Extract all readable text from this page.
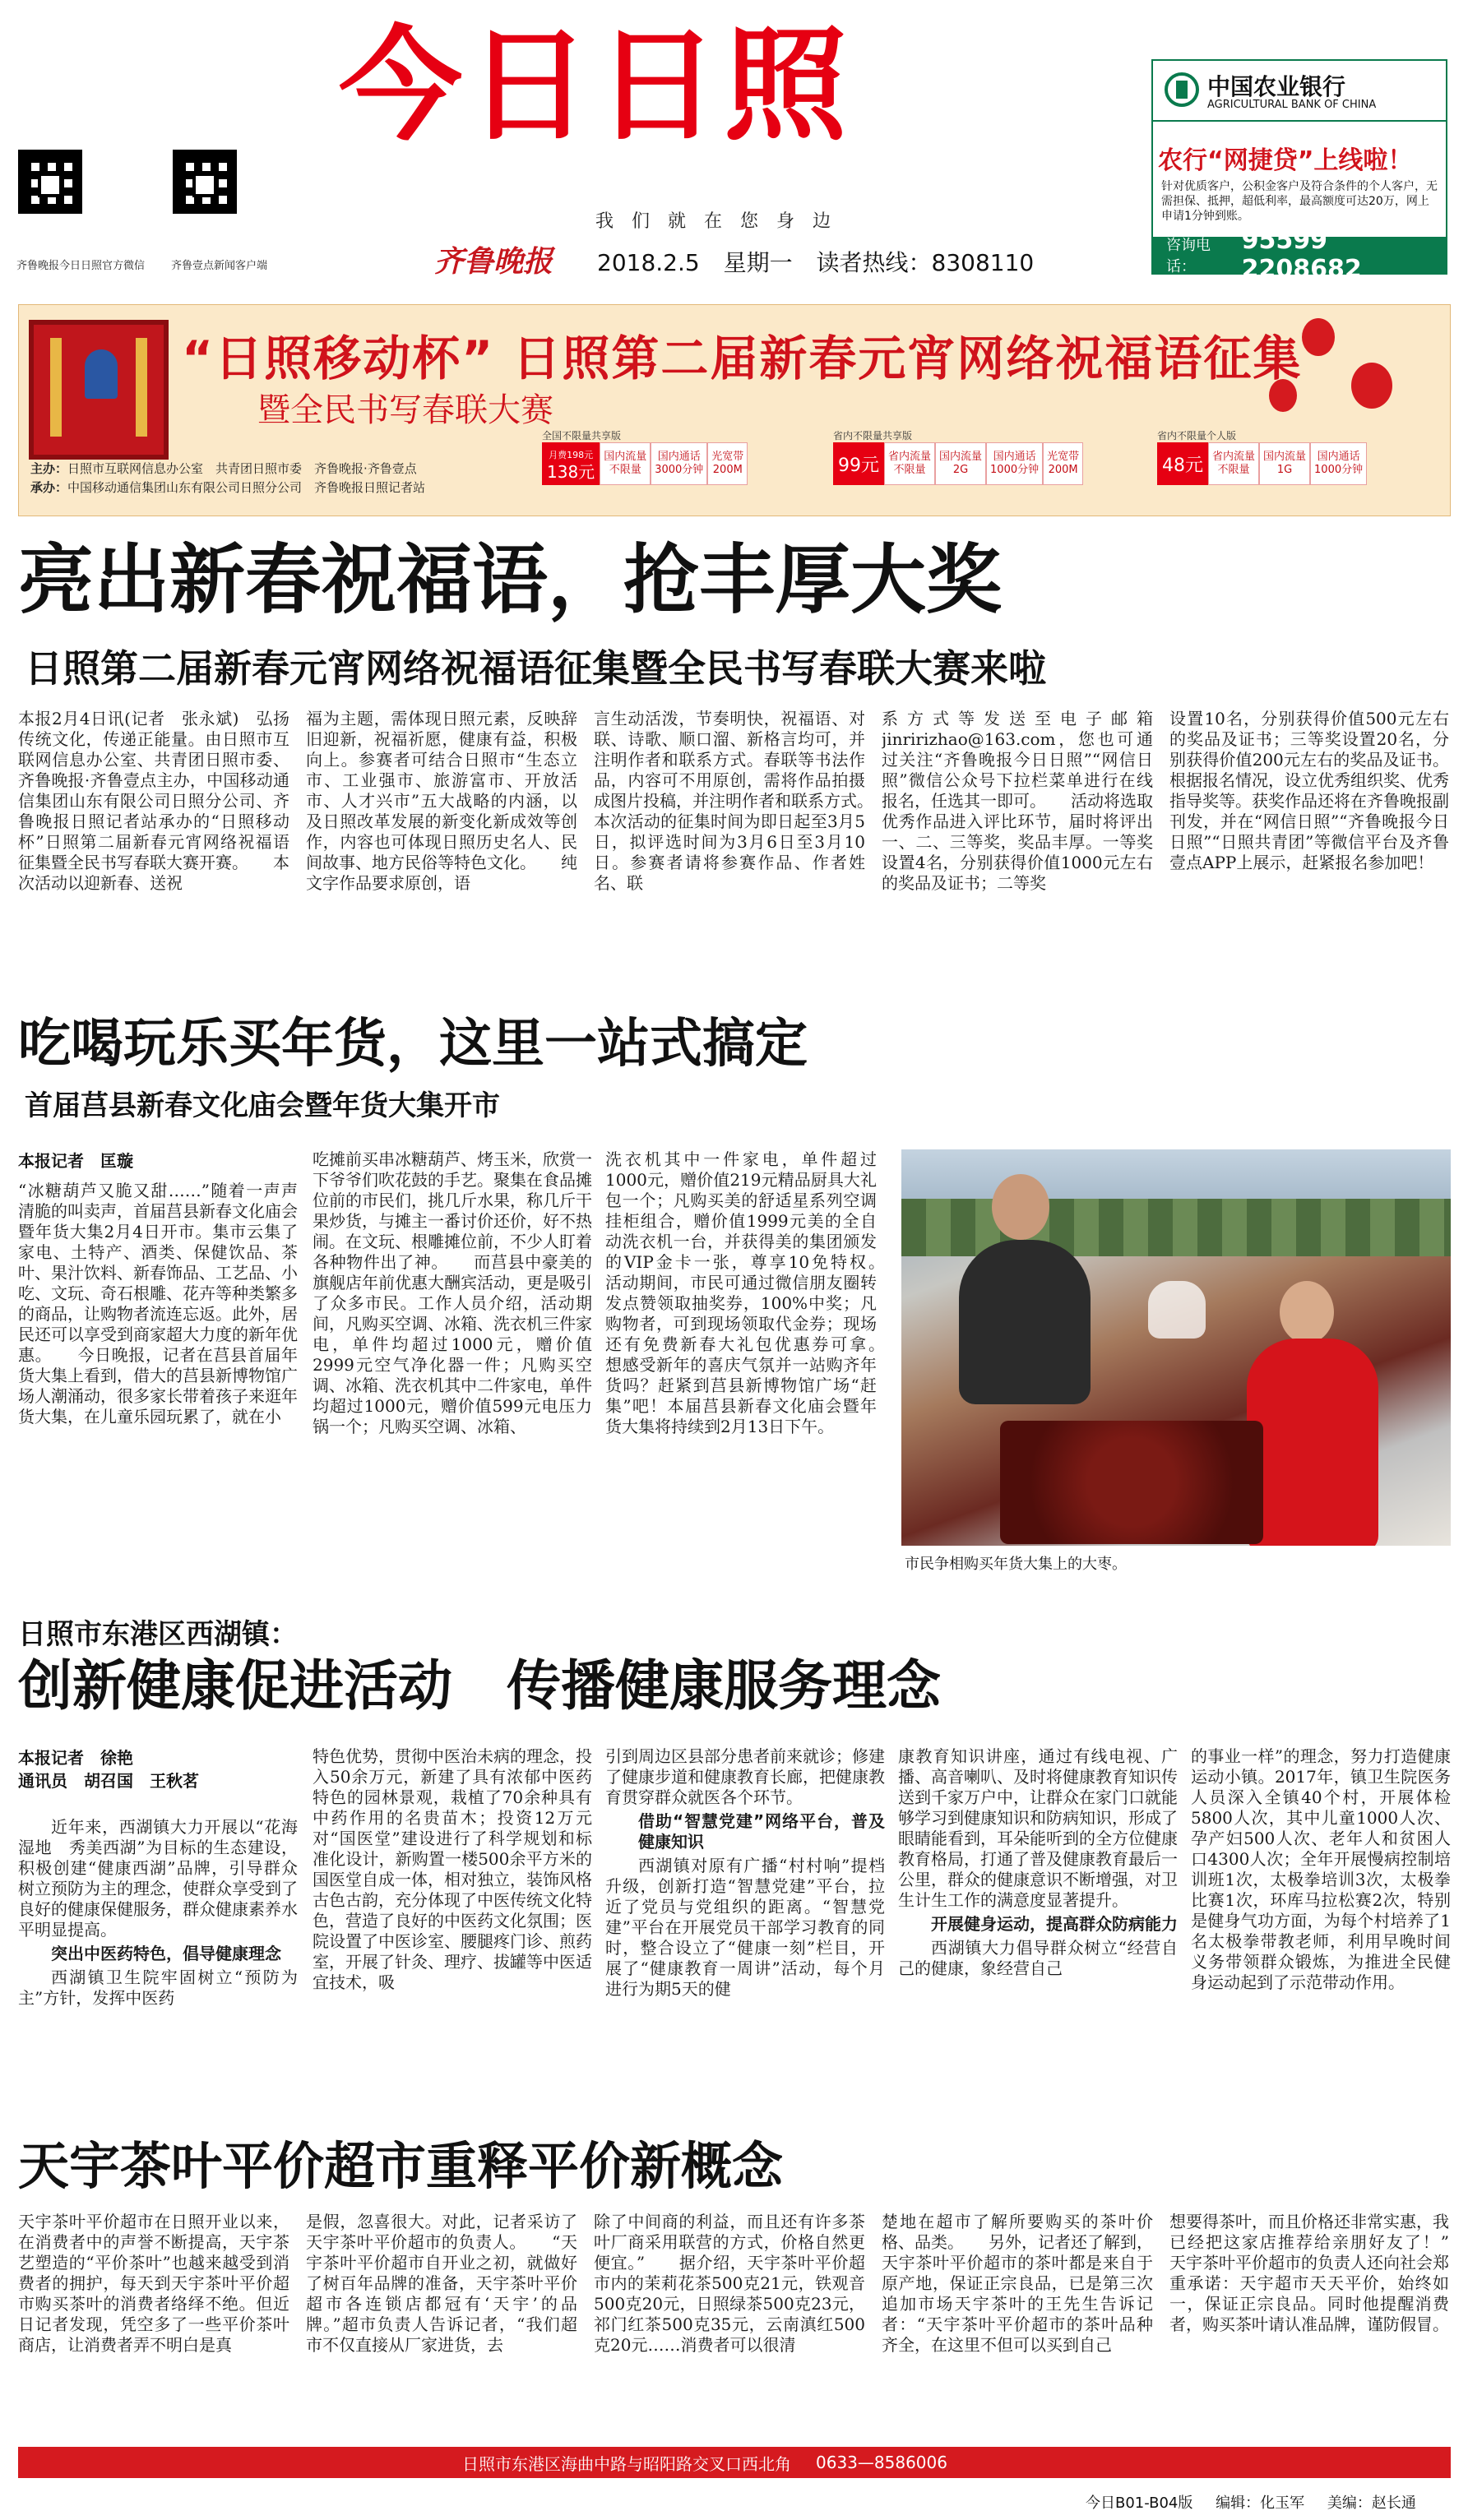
齐鲁晚报今日日照官方微信 齐鲁壹点新闻客户端
今日日照
我们就在您身边
齐鲁晚报 2018.2.5 星期一 读者热线：8308110
中国农业银行
AGRICULTURAL BANK OF CHINA
农行“网捷贷”上线啦！
针对优质客户，公积金客户及符合条件的个人客户，无需担保、抵押，超低利率，最高额度可达20万，网上申请1分钟到账。
咨询电话：
95599 2208682
“日照移动杯” 日照第二届新春元宵网络祝福语征集
暨全民书写春联大赛
主办：日照市互联网信息办公室　共青团日照市委　齐鲁晚报·齐鲁壹点
承办：中国移动通信集团山东有限公司日照分公司　齐鲁晚报日照记者站
全国不限量共享版
月费198元
138元
国内流量
不限量
国内通话
3000分钟
光宽带
200M
省内不限量共享版
99元 省内流量
不限量
国内流量
2G
国内通话
1000分钟
光宽带
200M
省内不限量个人版
48元 省内流量
不限量
国内流量
1G
国内通话
1000分钟
亮出新春祝福语，抢丰厚大奖
日照第二届新春元宵网络祝福语征集暨全民书写春联大赛来啦
本报2月4日讯(记者　张永斌)　弘扬传统文化，传递正能量。由日照市互联网信息办公室、共青团日照市委、齐鲁晚报·齐鲁壹点主办，中国移动通信集团山东有限公司日照分公司、齐鲁晚报日照记者站承办的“日照移动杯”日照第二届新春元宵网络祝福语征集暨全民书写春联大赛开赛。　　本次活动以迎新春、送祝
福为主题，需体现日照元素，反映辞旧迎新，祝福祈愿，健康有益，积极向上。参赛者可结合日照市“生态立市、工业强市、旅游富市、开放活市、人才兴市”五大战略的内涵，以及日照改革发展的新变化新成效等创作，内容也可体现日照历史名人、民间故事、地方民俗等特色文化。　　纯文字作品要求原创，语
言生动活泼，节奏明快，祝福语、对联、诗歌、顺口溜、新格言均可，并注明作者和联系方式。春联等书法作品，内容可不用原创，需将作品拍摄成图片投稿，并注明作者和联系方式。　　本次活动的征集时间为即日起至3月5日，拟评选时间为3月6日至3月10日。参赛者请将参赛作品、作者姓名、联
系方式等发送至电子邮箱jinririzhao@163.com，您也可通过关注“齐鲁晚报今日日照”“网信日照”微信公众号下拉栏菜单进行在线报名，任选其一即可。　　活动将选取优秀作品进入评比环节，届时将评出一、二、三等奖，奖品丰厚。一等奖设置4名，分别获得价值1000元左右的奖品及证书；二等奖
设置10名，分别获得价值500元左右的奖品及证书；三等奖设置20名，分别获得价值200元左右的奖品及证书。根据报名情况，设立优秀组织奖、优秀指导奖等。获奖作品还将在齐鲁晚报副刊发，并在“网信日照”“齐鲁晚报今日日照”“日照共青团”等微信平台及齐鲁壹点APP上展示，赶紧报名参加吧！
吃喝玩乐买年货，这里一站式搞定
首届莒县新春文化庙会暨年货大集开市
本报记者　匡璇
“冰糖葫芦又脆又甜……”随着一声声清脆的叫卖声，首届莒县新春文化庙会暨年货大集2月4日开市。集市云集了家电、土特产、酒类、保健饮品、茶叶、果汁饮料、新春饰品、工艺品、小吃、文玩、奇石根雕、花卉等种类繁多的商品，让购物者流连忘返。此外，居民还可以享受到商家超大力度的新年优惠。　　今日晚报，记者在莒县首届年货大集上看到，借大的莒县新博物馆广场人潮涌动，很多家长带着孩子来逛年货大集，在儿童乐园玩累了，就在小
吃摊前买串冰糖葫芦、烤玉米，欣赏一下爷爷们吹花鼓的手艺。聚集在食品摊位前的市民们，挑几斤水果，称几斤干果炒货，与摊主一番讨价还价，好不热闹。在文玩、根雕摊位前，不少人盯着各种物件出了神。　　而莒县中豪美的旗舰店年前优惠大酬宾活动，更是吸引了众多市民。工作人员介绍，活动期间，凡购买空调、冰箱、洗衣机三件家电，单件均超过1000元，赠价值2999元空气净化器一件；凡购买空调、冰箱、洗衣机其中二件家电，单件均超过1000元，赠价值599元电压力锅一个；凡购买空调、冰箱、
洗衣机其中一件家电，单件超过1000元，赠价值219元精品厨具大礼包一个；凡购买美的舒适星系列空调挂柜组合，赠价值1999元美的全自动洗衣机一台，并获得美的集团颁发的VIP金卡一张，尊享10免特权。　　活动期间，市民可通过微信朋友圈转发点赞领取抽奖券，100%中奖；凡购物者，可到现场领取代金券；现场还有免费新春大礼包优惠券可拿。　　想感受新年的喜庆气氛并一站购齐年货吗？赶紧到莒县新博物馆广场“赶集”吧！本届莒县新春文化庙会暨年货大集将持续到2月13日下午。
市民争相购买年货大集上的大枣。
日照市东港区西湖镇：
创新健康促进活动　传播健康服务理念
本报记者　徐艳
通讯员　胡召国　王秋茗

近年来，西湖镇大力开展以“花海湿地　秀美西湖”为目标的生态建设，积极创建“健康西湖”品牌，引导群众树立预防为主的理念，使群众享受到了良好的健康保健服务，群众健康素养水平明显提高。

突出中医药特色，倡导健康理念

西湖镇卫生院牢固树立“预防为主”方针，发挥中医药

特色优势，贯彻中医治未病的理念，投入50余万元，新建了具有浓郁中医药特色的园林景观，栽植了70余种具有中药作用的名贵苗木；投资12万元对“国医堂”建设进行了科学规划和标准化设计，新购置一楼500余平方米的国医堂自成一体，相对独立，装饰风格古色古韵，充分体现了中医传统文化特色，营造了良好的中医药文化氛围；医院设置了中医诊室、腰腿疼门诊、煎药室，开展了针灸、理疗、拔罐等中医适宜技术，吸

引到周边区县部分患者前来就诊；修建了健康步道和健康教育长廊，把健康教育贯穿群众就医各个环节。

借助“智慧党建”网络平台，普及健康知识

西湖镇对原有广播“村村响”提档升级，创新打造“智慧党建”平台，拉近了党员与党组织的距离。“智慧党建”平台在开展党员干部学习教育的同时，整合设立了“健康一刻”栏目，开展了“健康教育一周讲”活动，每个月进行为期5天的健

康教育知识讲座，通过有线电视、广播、高音喇叭、及时将健康教育知识传送到千家万户中，让群众在家门口就能够学习到健康知识和防病知识，形成了眼睛能看到，耳朵能听到的全方位健康教育格局，打通了普及健康教育最后一公里，群众的健康意识不断增强，对卫生计生工作的满意度显著提升。

开展健身运动，提高群众防病能力

西湖镇大力倡导群众树立“经营自己的健康，象经营自己

的事业一样”的理念，努力打造健康运动小镇。2017年，镇卫生院医务人员深入全镇40个村，开展体检5800人次，其中儿童1000人次、孕产妇500人次、老年人和贫困人口4300人次；全年开展慢病控制培训班1次，太极拳培训3次，太极拳比赛1次，环库马拉松赛2次，特别是健身气功方面，为每个村培养了1名太极拳带教老师，利用早晚时间义务带领群众锻炼，为推进全民健身运动起到了示范带动作用。
天宇茶叶平价超市重释平价新概念
天宇茶叶平价超市在日照开业以来，在消费者中的声誉不断提高，天宇茶艺塑造的“平价茶叶”也越来越受到消费者的拥护，每天到天宇茶叶平价超市购买茶叶的消费者络绎不绝。但近日记者发现，凭空多了一些平价茶叶商店，让消费者弄不明白是真
是假，忽喜很大。对此，记者采访了天宇茶叶平价超市的负责人。　　“天宇茶叶平价超市自开业之初，就做好了树百年品牌的准备，天宇茶叶平价超市各连锁店都冠有‘天宇’的品牌。”超市负责人告诉记者，“我们超市不仅直接从厂家进货，去
除了中间商的利益，而且还有许多茶叶厂商采用联营的方式，价格自然更便宜。”　　据介绍，天宇茶叶平价超市内的茉莉花茶500克21元，铁观音500克20元，日照绿茶500克23元，祁门红茶500克35元，云南滇红500克20元……消费者可以很清
楚地在超市了解所要购买的茶叶价格、品类。　　另外，记者还了解到，天宇茶叶平价超市的茶叶都是来自于原产地，保证正宗良品，已是第三次追加市场天宇茶叶的王先生告诉记者：“天宇茶叶平价超市的茶叶品种齐全，在这里不但可以买到自己
想要得茶叶，而且价格还非常实惠，我已经把这家店推荐给亲朋好友了！”　　天宇茶叶平价超市的负责人还向社会郑重承诺：天宇超市天天平价，始终如一，保证正宗良品。同时他提醒消费者，购买茶叶请认准品牌，谨防假冒。
日照市东港区海曲中路与昭阳路交叉口西北角 0633—8586006
今日B01-B04版 编辑：化玉军 美编：赵长通
